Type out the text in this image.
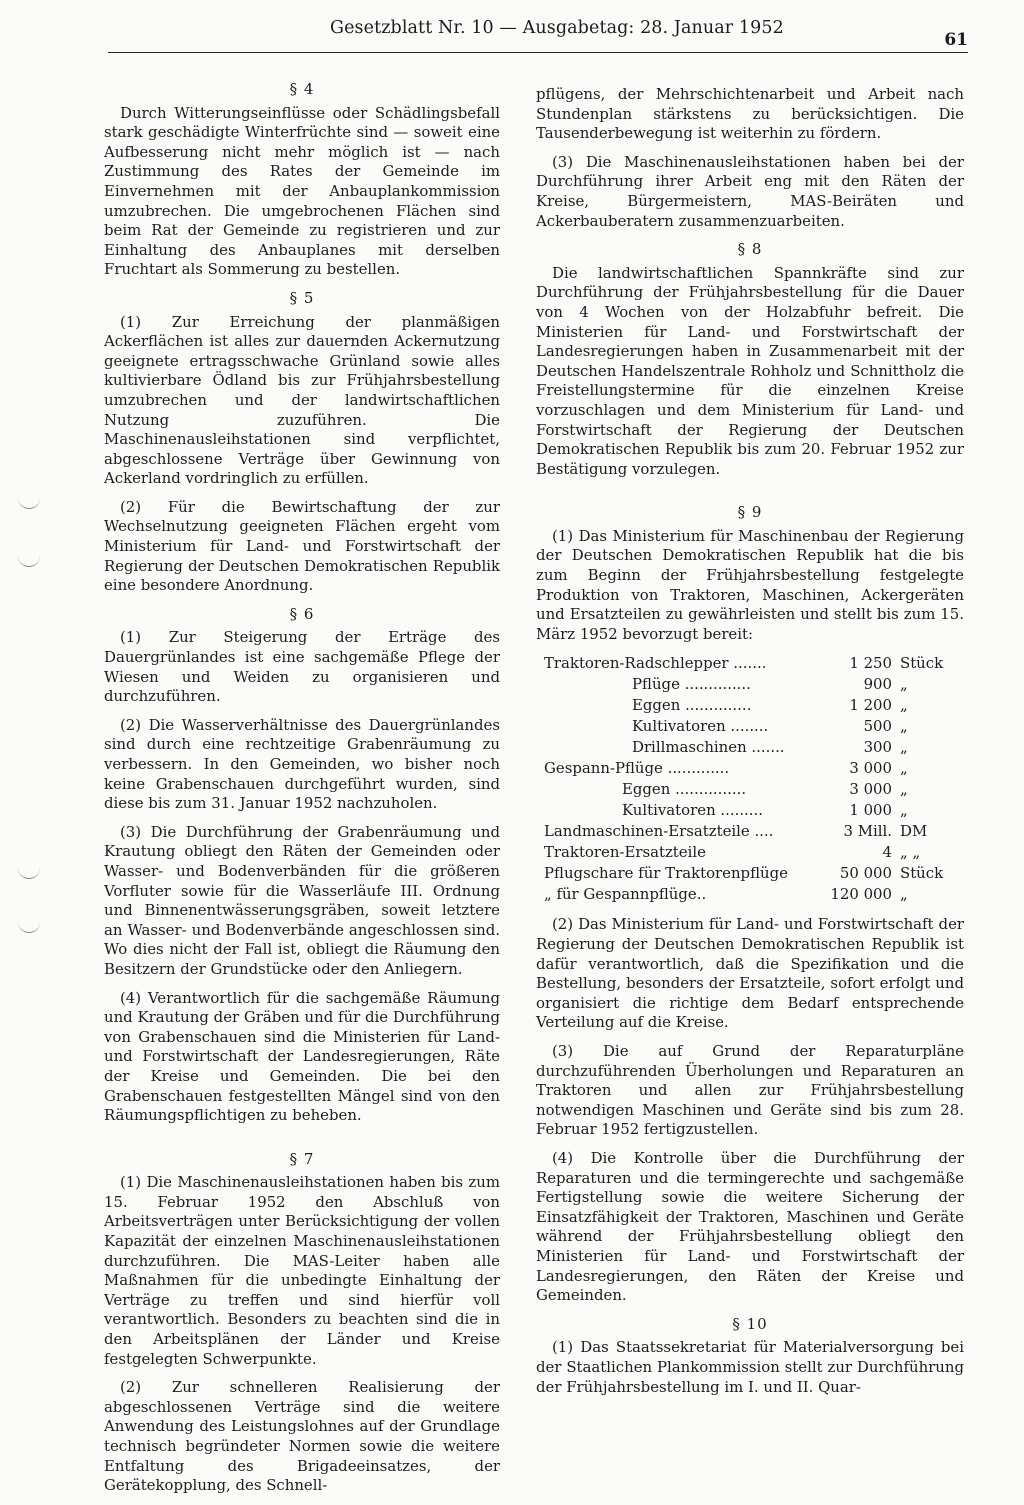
Gesetzblatt Nr. 10 — Ausgabetag: 28. Januar 1952
61
§ 4

Durch Witterungseinflüsse oder Schädlingsbefall stark geschädigte Winterfrüchte sind — soweit eine Aufbesserung nicht mehr möglich ist — nach Zustimmung des Rates der Gemeinde im Einvernehmen mit der Anbauplankommission umzubrechen. Die umgebrochenen Flächen sind beim Rat der Gemeinde zu registrieren und zur Einhaltung des Anbauplanes mit derselben Fruchtart als Sommerung zu bestellen.

§ 5

(1) Zur Erreichung der planmäßigen Ackerflächen ist alles zur dauernden Ackernutzung geeignete ertragsschwache Grünland sowie alles kultivierbare Ödland bis zur Frühjahrsbestellung umzubrechen und der landwirtschaftlichen Nutzung zuzuführen. Die Maschinenausleihstationen sind verpflichtet, abgeschlossene Verträge über Gewinnung von Ackerland vordringlich zu erfüllen.

(2) Für die Bewirtschaftung der zur Wechselnutzung geeigneten Flächen ergeht vom Ministerium für Land- und Forstwirtschaft der Regierung der Deutschen Demokratischen Republik eine besondere Anordnung.

§ 6

(1) Zur Steigerung der Erträge des Dauergrünlandes ist eine sachgemäße Pflege der Wiesen und Weiden zu organisieren und durchzuführen.

(2) Die Wasserverhältnisse des Dauergrünlandes sind durch eine rechtzeitige Grabenräumung zu verbessern. In den Gemeinden, wo bisher noch keine Grabenschauen durchgeführt wurden, sind diese bis zum 31. Januar 1952 nachzuholen.

(3) Die Durchführung der Grabenräumung und Krautung obliegt den Räten der Gemeinden oder Wasser- und Bodenverbänden für die größeren Vorfluter sowie für die Wasserläufe III. Ordnung und Binnenentwässerungsgräben, soweit letztere an Wasser- und Bodenverbände angeschlossen sind. Wo dies nicht der Fall ist, obliegt die Räumung den Besitzern der Grundstücke oder den Anliegern.

(4) Verantwortlich für die sachgemäße Räumung und Krautung der Gräben und für die Durchführung von Grabenschauen sind die Ministerien für Land- und Forstwirtschaft der Landesregierungen, Räte der Kreise und Gemeinden. Die bei den Grabenschauen festgestellten Mängel sind von den Räumungspflichtigen zu beheben.

§ 7

(1) Die Maschinenausleihstationen haben bis zum 15. Februar 1952 den Abschluß von Arbeitsverträgen unter Berücksichtigung der vollen Kapazität der einzelnen Maschinenausleihstationen durchzuführen. Die MAS-Leiter haben alle Maßnahmen für die unbedingte Einhaltung der Verträge zu treffen und sind hierfür voll verantwortlich. Besonders zu beachten sind die in den Arbeitsplänen der Länder und Kreise festgelegten Schwerpunkte.

(2) Zur schnelleren Realisierung der abgeschlossenen Verträge sind die weitere Anwendung des Leistungslohnes auf der Grundlage technisch begründeter Normen sowie die weitere Entfaltung des Brigadeeinsatzes, der Gerätekopplung, des Schnell-

pflügens, der Mehrschichtenarbeit und Arbeit nach Stundenplan stärkstens zu berücksichtigen. Die Tausenderbewegung ist weiterhin zu fördern.

(3) Die Maschinenausleihstationen haben bei der Durchführung ihrer Arbeit eng mit den Räten der Kreise, Bürgermeistern, MAS-Beiräten und Ackerbauberatern zusammenzuarbeiten.

§ 8

Die landwirtschaftlichen Spannkräfte sind zur Durchführung der Frühjahrsbestellung für die Dauer von 4 Wochen von der Holzabfuhr befreit. Die Ministerien für Land- und Forstwirtschaft der Landesregierungen haben in Zusammenarbeit mit der Deutschen Handelszentrale Rohholz und Schnittholz die Freistellungstermine für die einzelnen Kreise vorzuschlagen und dem Ministerium für Land- und Forstwirtschaft der Regierung der Deutschen Demokratischen Republik bis zum 20. Februar 1952 zur Bestätigung vorzulegen.

§ 9

(1) Das Ministerium für Maschinenbau der Regierung der Deutschen Demokratischen Republik hat die bis zum Beginn der Frühjahrsbestellung festgelegte Produktion von Traktoren, Maschinen, Ackergeräten und Ersatzteilen zu gewährleisten und stellt bis zum 15. März 1952 bevorzugt bereit:

Traktoren-Radschlepper .......	1 250 Stück
Pflüge ..............	900 „
Eggen ..............	1 200 „
Kultivatoren ........	500 „
Drillmaschinen .......	300 „
Gespann-Pflüge .............	3 000 „
Eggen ...............	3 000 „
Kultivatoren .........	1 000 „
Landmaschinen-Ersatzteile ....	3 Mill. DM
Traktoren-Ersatzteile	4 „ „
Pflugschare für Traktorenpflüge	50 000 Stück
„ für Gespannpflüge..	120 000 „

(2) Das Ministerium für Land- und Forstwirtschaft der Regierung der Deutschen Demokratischen Republik ist dafür verantwortlich, daß die Spezifikation und die Bestellung, besonders der Ersatzteile, sofort erfolgt und organisiert die richtige dem Bedarf entsprechende Verteilung auf die Kreise.

(3) Die auf Grund der Reparaturpläne durchzuführenden Überholungen und Reparaturen an Traktoren und allen zur Frühjahrsbestellung notwendigen Maschinen und Geräte sind bis zum 28. Februar 1952 fertigzustellen.

(4) Die Kontrolle über die Durchführung der Reparaturen und die termingerechte und sachgemäße Fertigstellung sowie die weitere Sicherung der Einsatzfähigkeit der Traktoren, Maschinen und Geräte während der Frühjahrsbestellung obliegt den Ministerien für Land- und Forstwirtschaft der Landesregierungen, den Räten der Kreise und Gemeinden.

§ 10

(1) Das Staatssekretariat für Materialversorgung bei der Staatlichen Plankommission stellt zur Durchführung der Frühjahrsbestellung im I. und II. Quar-
